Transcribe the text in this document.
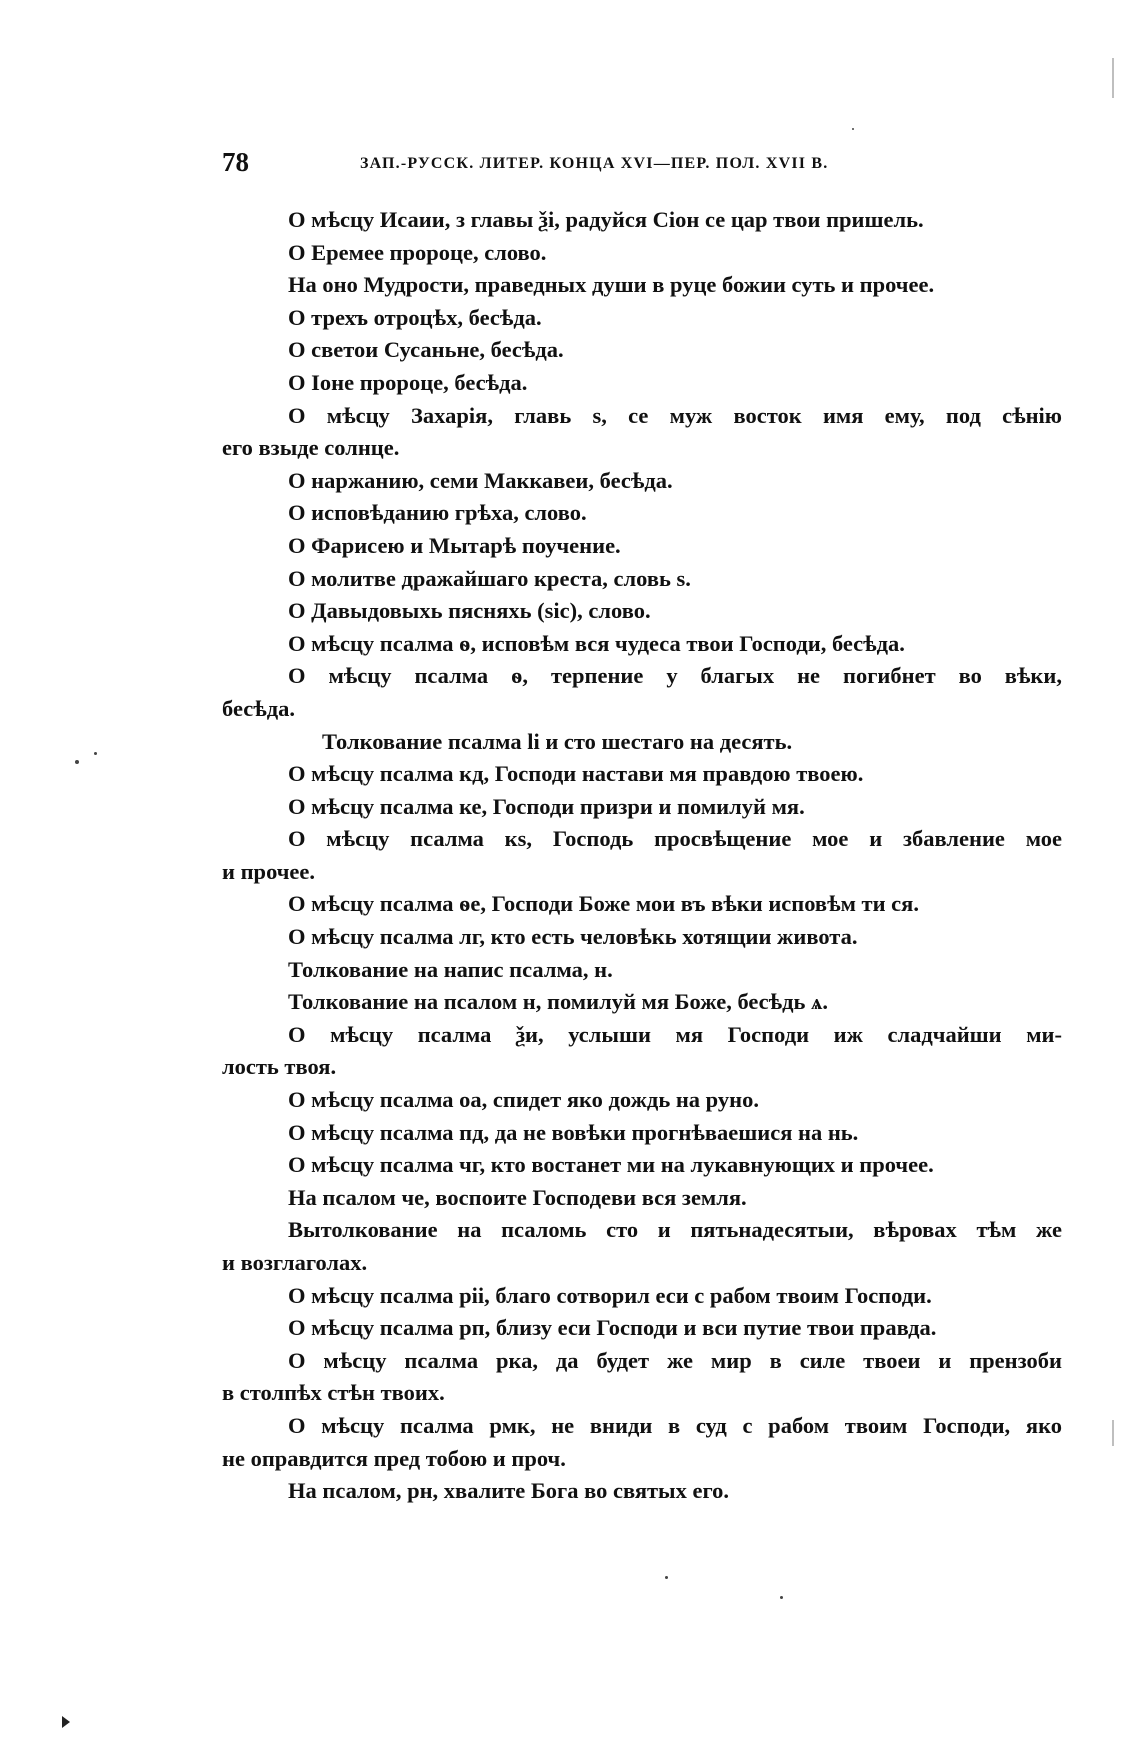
78	ЗАП.-РУССК. ЛИТЕР. КОНЦА XVI—ПЕР. ПОЛ. XVII В.
О мѣсцу Исаии, з главы ѯі, радуйся Сіон се цар твои пришель.
О Еремее пророце, слово.
На оно Мудрости, праведных души в руце божии суть и прочее.
О трехъ отроцѣх, бесѣда.
О светои Сусаньне, бесѣда.
О Іоне пророце, бесѣда.
О мѣсцу Захарія, главь ѕ, се муж восток имя ему, под сѣнію
его взыде солнце.
О наржанию, семи Маккавеи, бесѣда.
О исповѣданию грѣха, слово.
О Фарисею и Мытарѣ поучение.
О молитве дражайшаго креста, словь ѕ.
О Давыдовыхь пясняхь (sic), слово.
О мѣсцу псалма ѳ, исповѣм вся чудеса твои Господи, бесѣда.
О мѣсцу псалма ѳ, терпение у благых не погибнет во вѣки,
бесѣда.
Толкование псалма ӏі и сто шестаго на десять.
О мѣсцу псалма кд, Господи настави мя правдою твоею.
О мѣсцу псалма ке, Господи призри и помилуй мя.
О мѣсцу псалма кѕ, Господь просвѣщение мое и збавление мое
и прочее.
О мѣсцу псалма ѳе, Господи Боже мои въ вѣки исповѣм ти ся.
О мѣсцу псалма лг, кто есть человѣкь хотящии живота.
Толкование на напис псалма, н.
Толкование на псалом н, помилуй мя Боже, бесѣдь ѧ.
О мѣсцу псалма ѯи, услыши мя Господи иж сладчайши ми-
лость твоя.
О мѣсцу псалма оа, спидет яко дождь на руно.
О мѣсцу псалма пд, да не вовѣки прогнѣваешися на нь.
О мѣсцу псалма чг, кто востанет ми на лукавнующих и прочее.
На псалом че, воспоите Господеви вся земля.
Вытолкование на псаломь сто и пятьнадесятыи, вѣровах тѣм же
и возглаголах.
О мѣсцу псалма ріі, благо сотворил еси с рабом твоим Господи.
О мѣсцу псалма рп, близу еси Господи и вси путие твои правда.
О мѣсцу псалма рка, да будет же мир в силе твоеи и прензоби
в столпѣх стѣн твоих.
О мѣсцу псалма рмк, не вниди в суд с рабом твоим Господи, яко
не оправдится пред тобою и проч.
На псалом, рн, хвалите Бога во святых его.
